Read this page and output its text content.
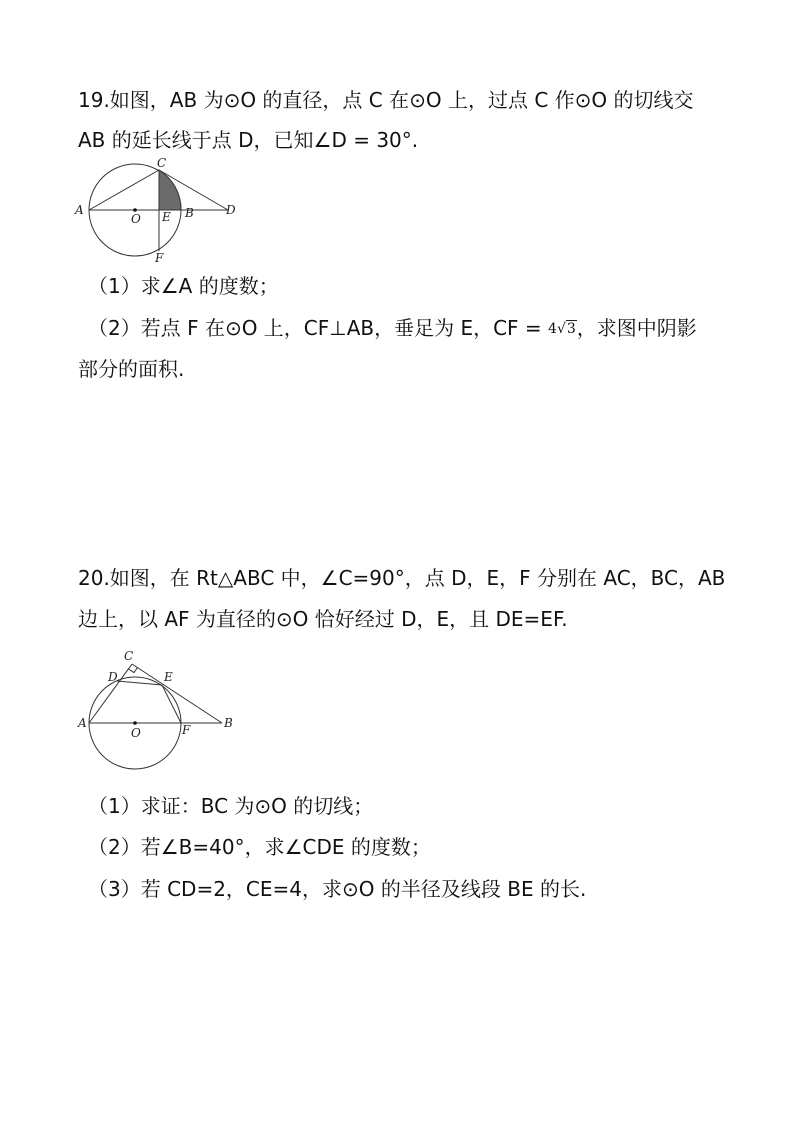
19.如图，AB 为⊙O 的直径，点 C 在⊙O 上，过点 C 作⊙O 的切线交
AB 的延长线于点 D，已知∠D = 30°.
A
O E B	D
C
F
（1）求∠A 的度数；
（2）若点 F 在⊙O 上，CF⊥AB，垂足为 E，CF = 4√3，求图中阴影
部分的面积.
20.如图，在 Rt△ABC 中，∠C=90°，点 D，E，F 分别在 AC，BC，AB
边上，以 AF 为直径的⊙O 恰好经过 D，E，且 DE=EF.
C
D	E
A
O	F	B
（1）求证：BC 为⊙O 的切线；
（2）若∠B=40°，求∠CDE 的度数；
（3）若 CD=2，CE=4，求⊙O 的半径及线段 BE 的长.
